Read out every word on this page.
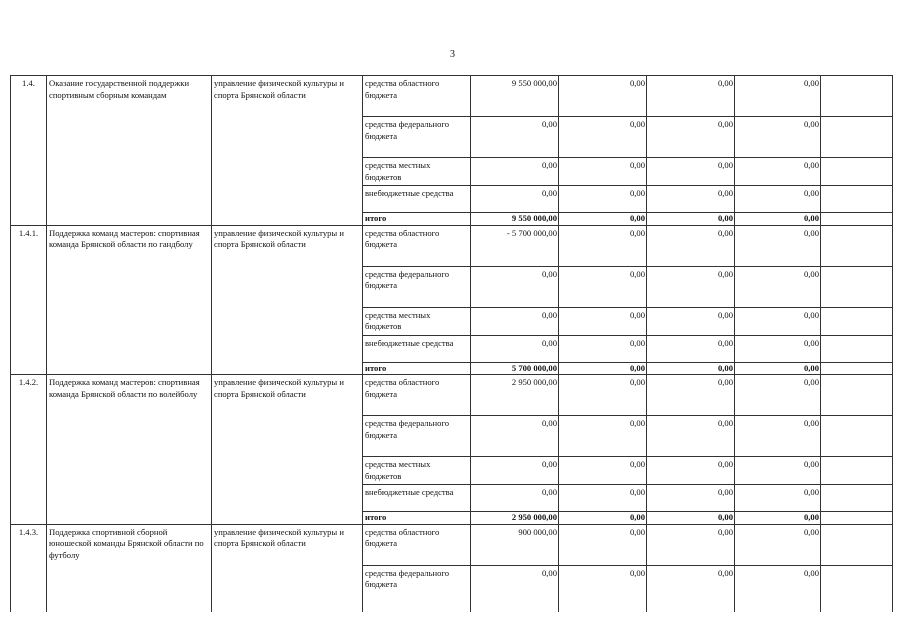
3
1.4.	Оказание государственной поддержки спортивным сборным командам	управление физической культуры и спорта Брянской области	средства областного бюджета	9 550 000,00	0,00	0,00	0,00	
			средства федерального бюджета	0,00	0,00	0,00	0,00	
			средства местных бюджетов	0,00	0,00	0,00	0,00	
			внебюджетные средства	0,00	0,00	0,00	0,00	
			итого	9 550 000,00	0,00	0,00	0,00	
1.4.1.	Поддержка команд мастеров: спортивная команда Брянской области по гандболу	управление физической культуры и спорта Брянской области	средства областного бюджета	- 5 700 000,00	0,00	0,00	0,00	
			средства федерального бюджета	0,00	0,00	0,00	0,00	
			средства местных бюджетов	0,00	0,00	0,00	0,00	
			внебюджетные средства	0,00	0,00	0,00	0,00	
			итого	5 700 000,00	0,00	0,00	0,00	
1.4.2.	Поддержка команд мастеров: спортивная команда Брянской области по волейболу	управление физической культуры и спорта Брянской области	средства областного бюджета	2 950 000,00	0,00	0,00	0,00	
			средства федерального бюджета	0,00	0,00	0,00	0,00	
			средства местных бюджетов	0,00	0,00	0,00	0,00	
			внебюджетные средства	0,00	0,00	0,00	0,00	
			итого	2 950 000,00	0,00	0,00	0,00	
1.4.3.	Поддержка спортивной сборной юношеской команды Брянской области по футболу	управление физической культуры и спорта Брянской области	средства областного бюджета	900 000,00	0,00	0,00	0,00	
			средства федерального бюджета	0,00	0,00	0,00	0,00	
